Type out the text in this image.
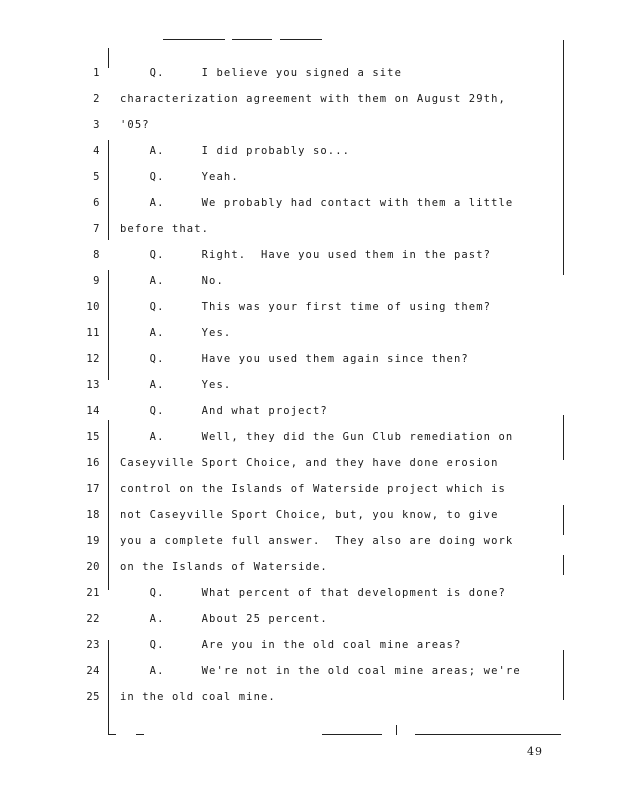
1 Q.     I believe you signed a site
2 characterization agreement with them on August 29th,
3 '05?
4 A.     I did probably so...
5 Q.     Yeah.
6 A.     We probably had contact with them a little
7 before that.
8 Q.     Right.  Have you used them in the past?
9 A.     No.
10 Q.     This was your first time of using them?
11 A.     Yes.
12 Q.     Have you used them again since then?
13 A.     Yes.
14 Q.     And what project?
15 A.     Well, they did the Gun Club remediation on
16 Caseyville Sport Choice, and they have done erosion
17 control on the Islands of Waterside project which is
18 not Caseyville Sport Choice, but, you know, to give
19 you a complete full answer.  They also are doing work
20 on the Islands of Waterside.
21 Q.     What percent of that development is done?
22 A.     About 25 percent.
23 Q.     Are you in the old coal mine areas?
24 A.     We're not in the old coal mine areas; we're
25 in the old coal mine.
49
